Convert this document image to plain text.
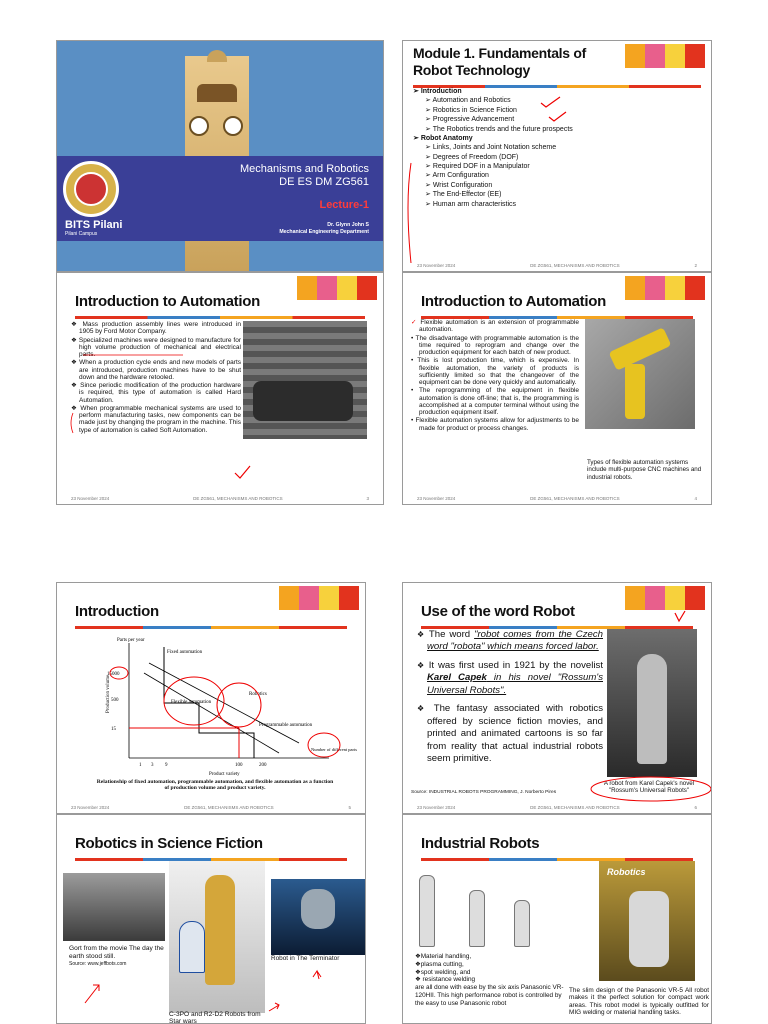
BITS Pilani
Pilani Campus
Mechanisms and Robotics
DE ES DM ZG561
Lecture-1
Dr. Glynn John S
Mechanical Engineering Department
Module 1. Fundamentals of Robot Technology
➢ Introduction
➢ Automation and Robotics
➢ Robotics in Science Fiction
➢ Progressive Advancement
➢ The Robotics trends and the future prospects
➢ Robot Anatomy
➢ Links, Joints and Joint Notation scheme
➢ Degrees of Freedom (DOF)
➢ Required DOF in a Manipulator
➢ Arm Configuration
➢ Wrist Configuration
➢ The End-Effector (EE)
➢ Human arm characteristics
23 November 2024	DE ZG561, MECHANISMS AND ROBOTICS	2
Introduction to Automation
❖ Mass production assembly lines were introduced in 1905 by Ford Motor Company.
❖ Specialized machines were designed to manufacture for high volume production of mechanical and electrical parts.
❖ When a production cycle ends and new models of parts are introduced, production machines have to be shut down and the hardware retooled.
❖ Since periodic modification of the production hardware is required, this type of automation is called Hard Automation.
❖ When programmable mechanical systems are used to perform manufacturing tasks, new components can be made just by changing the program in the machine. This type of automation is called Soft Automation.
23 November 2024	DE ZG561, MECHANISMS AND ROBOTICS	3
Introduction to Automation
✓ Flexible automation is an extension of programmable automation.
• The disadvantage with programmable automation is the time required to reprogram and change over the production equipment for each batch of new product.
• This is lost production time, which is expensive. In flexible automation, the variety of products is sufficiently limited so that the changeover of the equipment can be done very quickly and automatically.
• The reprogramming of the equipment in flexible automation is done off-line; that is, the programming is accomplished at a computer terminal without using the production equipment itself.
• Flexible automation systems allow for adjustments to be made for product or process changes.
Types of flexible automation systems include multi-purpose CNC machines and industrial robots.
23 November 2024	DE ZG561, MECHANISMS AND ROBOTICS	4
Introduction
Parts per year
Production volume
Product variety
Number of different parts
15
500
15000
1 3 9	100	200
Fixed automation
Flexible automation
Robotics
Programmable automation
Relationship of fixed automation, programmable automation, and flexible automation as a function of production volume and product variety.
23 November 2024	DE ZG561, MECHANISMS AND ROBOTICS	5
Use of the word Robot
❖ The word "robot comes from the Czech word "robota" which means forced labor.
❖ It was first used in 1921 by the novelist Karel Capek in his novel "Rossum's Universal Robots".
❖ The fantasy associated with robotics offered by science fiction movies, and printed and animated cartoons is so far from reality that actual industrial robots seem primitive.
A robot from Karel Capek's novel "Rossum's Universal Robots"
Source: INDUSTRIAL ROBOTS PROGRAMMING, J. Norberto Pires
23 November 2024	DE ZG561, MECHANISMS AND ROBOTICS	6
Robotics in Science Fiction
Gort from the movie The day the earth stood still.
Source: www.jeffbots.com
C-3PO and R2-D2 Robots from Star wars
Robot in The Terminator
Industrial Robots
Robotics
❖Material handling,
❖plasma cutting,
❖spot welding, and
❖ resistance welding
are all done with ease by the six axis Panasonic VR-120HII. This high performance robot is controlled by the easy to use Panasonic robot
The slim design of the Panasonic VR-5 All robot makes it the perfect solution for compact work areas. This robot model is typically outfitted for MIG welding or material handling tasks.
